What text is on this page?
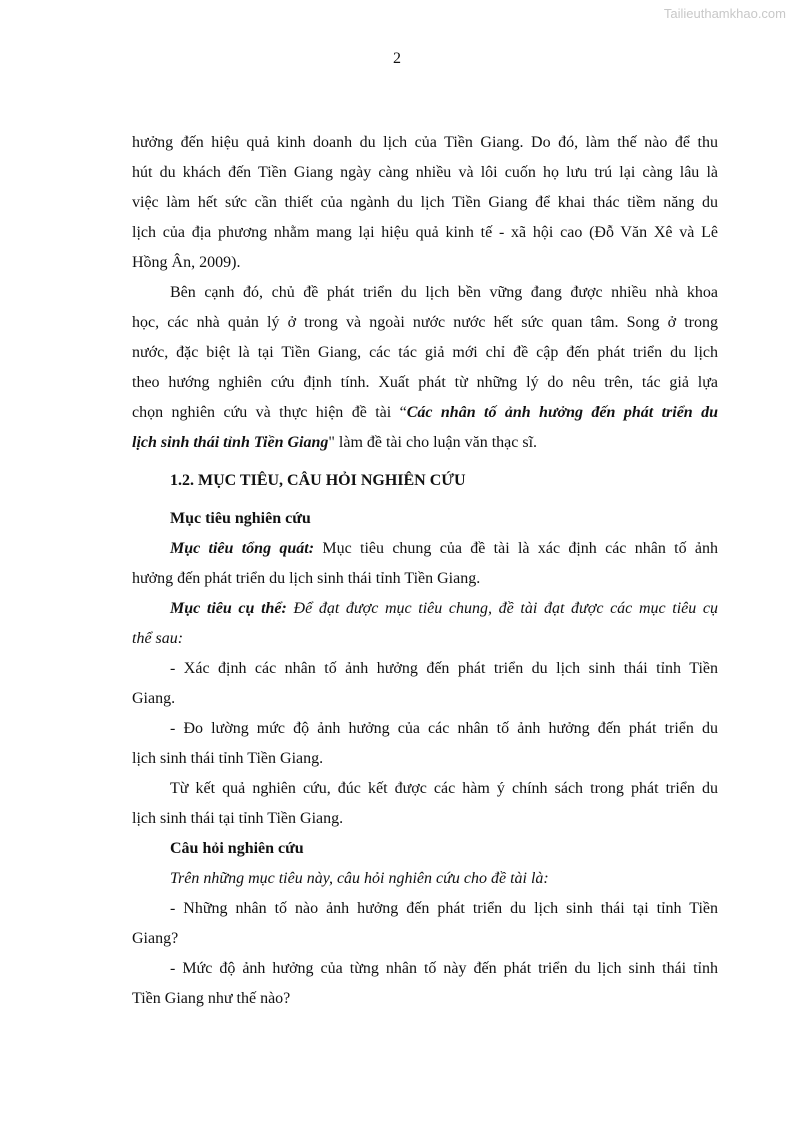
Tailieuthamkhao.com
2

hưởng đến hiệu quả kinh doanh du lịch của Tiền Giang. Do đó, làm thế nào để thu
hút du khách đến Tiền Giang ngày càng nhiều và lôi cuốn họ lưu trú lại càng lâu là
việc làm hết sức cần thiết của ngành du lịch Tiền Giang để khai thác tiềm năng du
lịch của địa phương nhằm mang lại hiệu quả kinh tế - xã hội cao (Đỗ Văn Xê và Lê
Hồng Ân, 2009).

Bên cạnh đó, chủ đề phát triển du lịch bền vững đang được nhiều nhà khoa
học, các nhà quản lý ở trong và ngoài nước nước hết sức quan tâm. Song ở trong
nước, đặc biệt là tại Tiền Giang, các tác giả mới chỉ đề cập đến phát triển du lịch
theo hướng nghiên cứu định tính. Xuất phát từ những lý do nêu trên, tác giả lựa
chọn nghiên cứu và thực hiện đề tài “Các nhân tố ảnh hưởng đến phát triển du
lịch sinh thái tỉnh Tiền Giang" làm đề tài cho luận văn thạc sĩ.

1.2. MỤC TIÊU, CÂU HỎI NGHIÊN CỨU

Mục tiêu nghiên cứu

Mục tiêu tổng quát: Mục tiêu chung của đề tài là xác định các nhân tố ảnh
hưởng đến phát triển du lịch sinh thái tỉnh Tiền Giang.

Mục tiêu cụ thể: Để đạt được mục tiêu chung, đề tài đạt được các mục tiêu cụ
thể sau:

- Xác định các nhân tố ảnh hưởng đến phát triển du lịch sinh thái tỉnh Tiền
Giang.

- Đo lường mức độ ảnh hưởng của các nhân tố ảnh hưởng đến phát triển du
lịch sinh thái tỉnh Tiền Giang.

Từ kết quả nghiên cứu, đúc kết được các hàm ý chính sách trong phát triển du
lịch sinh thái tại tỉnh Tiền Giang.

Câu hỏi nghiên cứu

Trên những mục tiêu này, câu hỏi nghiên cứu cho đề tài là:

- Những nhân tố nào ảnh hưởng đến phát triển du lịch sinh thái tại tỉnh Tiền
Giang?

- Mức độ ảnh hưởng của từng nhân tố này đến phát triển du lịch sinh thái tỉnh
Tiền Giang như thế nào?
